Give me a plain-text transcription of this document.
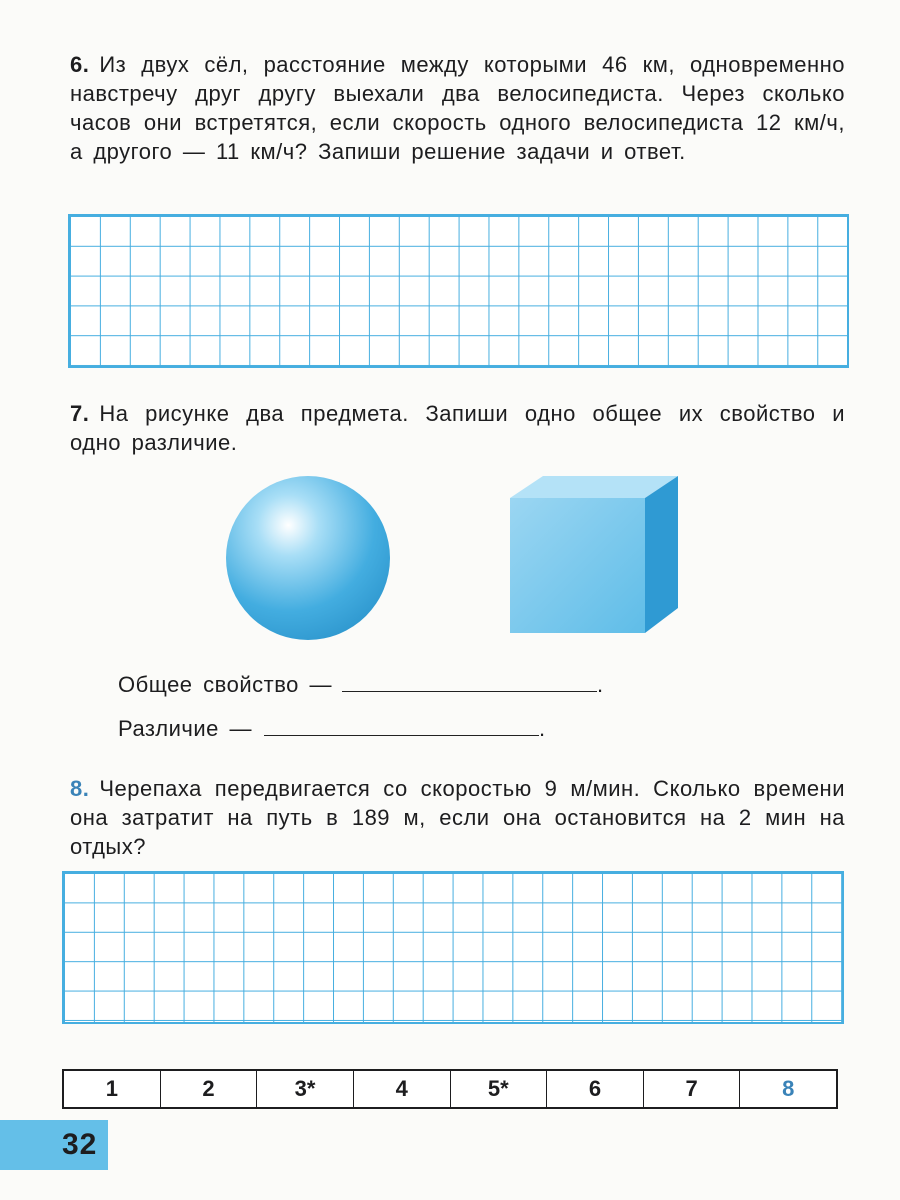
6. Из двух сёл, расстояние между которыми 46 км, одновременно навстречу друг другу выехали два велосипедиста. Через сколько часов они встретятся, если скорость одного велосипедиста 12 км/ч, а другого — 11 км/ч? Запиши решение задачи и ответ.
7. На рисунке два предмета. Запиши одно общее их свойство и одно различие.
Общее свойство —	.
Различие —	.
8. Черепаха передвигается со скоростью 9 м/мин. Сколько времени она затратит на путь в 189 м, если она остановится на 2 мин на отдых?
1	2	3*	4	5*	6	7	8
32
